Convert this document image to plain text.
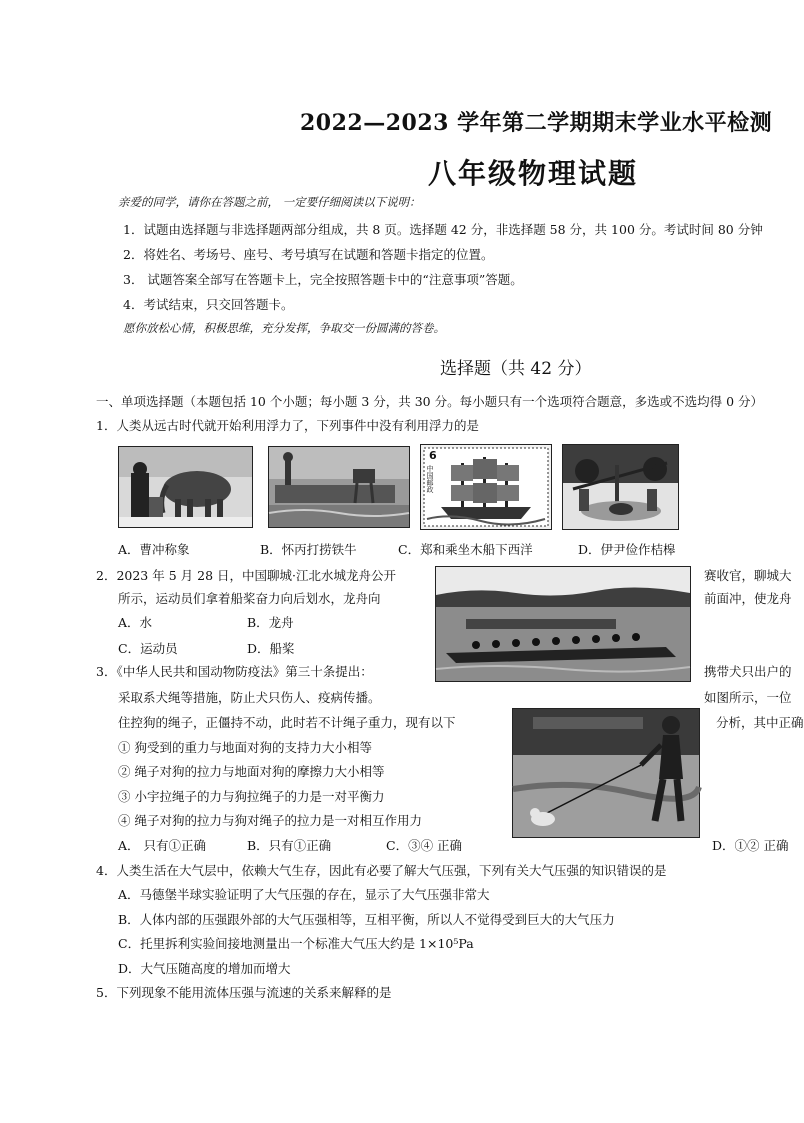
2022—2023 学年第二学期期末学业水平检测
八年级物理试题
亲爱的同学，请你在答题之前， 一定要仔细阅读以下说明：
1．试题由选择题与非选择题两部分组成，共 8 页。选择题 42 分，非选择题 58 分，共 100 分。考试时间 80 分钟
2．将姓名、考场号、座号、考号填写在试题和答题卡指定的位置。
3． 试题答案全部写在答题卡上，完全按照答题卡中的“注意事项”答题。
4．考试结束，只交回答题卡。
愿你放松心情，积极思维，充分发挥，争取交一份圆满的答卷。
选择题（共 42 分）
一、单项选择题（本题包括 10 个小题；每小题 3 分，共 30 分。每小题只有一个选项符合题意，多选或不选均得 0 分）
1．人类从远古时代就开始利用浮力了，下列事件中没有利用浮力的是
6
中国邮政
A．曹冲称象	B．怀丙打捞铁牛	C．郑和乘坐木船下西洋	D．伊尹俭作桔槔
2．2023 年 5 月 28 日，中国聊城·江北水城龙舟公开	赛收官，聊城大
所示，运动员们拿着船桨奋力向后划水，龙舟向	前面冲，使龙舟
A．水	B．龙舟
C．运动员	D．船桨
3．《中华人民共和国动物防疫法》第三十条提出：	携带犬只出户的
采取系犬绳等措施，防止犬只伤人、疫病传播。	如图所示，一位
住控狗的绳子，正僵持不动，此时若不计绳子重力，现有以下	分析，其中正确
① 狗受到的重力与地面对狗的支持力大小相等
② 绳子对狗的拉力与地面对狗的摩擦力大小相等
③ 小宇拉绳子的力与狗拉绳子的力是一对平衡力
④ 绳子对狗的拉力与狗对绳子的拉力是一对相互作用力
A． 只有①正确	B．只有①正确	C．③④ 正确	D．①② 正确
4．人类生活在大气层中，依赖大气生存，因此有必要了解大气压强，下列有关大气压强的知识错误的是
A．马德堡半球实验证明了大气压强的存在，显示了大气压强非常大
B．人体内部的压强跟外部的大气压强相等，互相平衡，所以人不觉得受到巨大的大气压力
C．托里拆利实验间接地测量出一个标准大气压大约是 1×10⁵Pa
D．大气压随高度的增加而增大
5．下列现象不能用流体压强与流速的关系来解释的是
